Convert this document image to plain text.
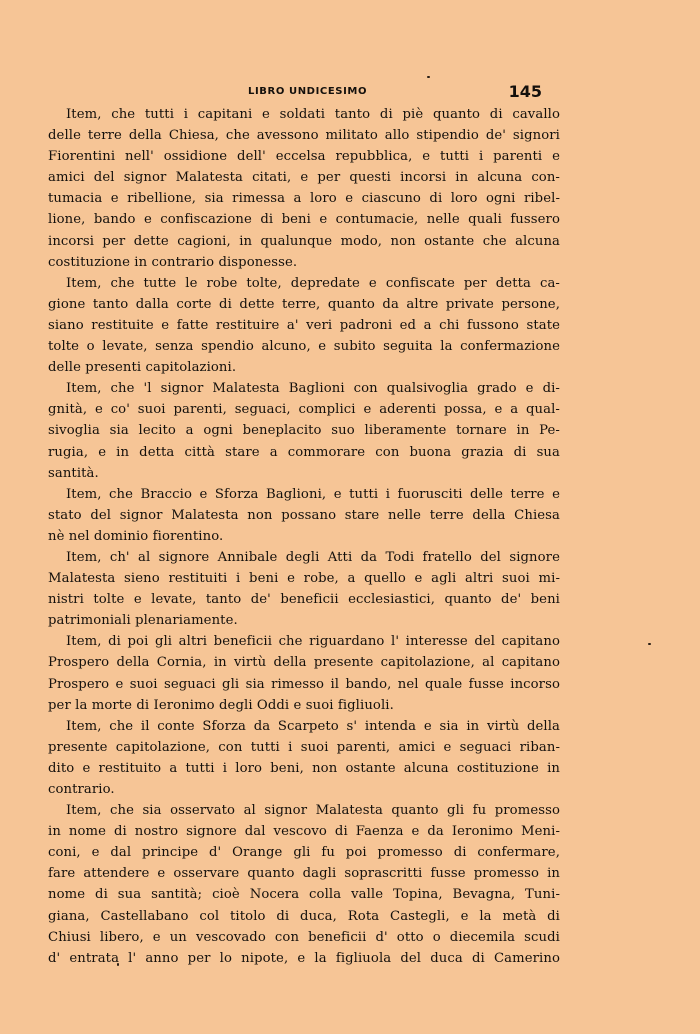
LIBRO UNDICESIMO	145

Item, che tutti i capitani e soldati tanto di piè quanto di cavallo
delle terre della Chiesa, che avessono militato allo stipendio de' signori
Fiorentini nell' ossidione dell' eccelsa repubblica, e tutti i parenti e
amici del signor Malatesta citati, e per questi incorsi in alcuna con-
tumacia e ribellione, sia rimessa a loro e ciascuno di loro ogni ribel-
lione, bando e confiscazione di beni e contumacie, nelle quali fussero
incorsi per dette cagioni, in qualunque modo, non ostante che alcuna
costituzione in contrario disponesse.

Item, che tutte le robe tolte, depredate e confiscate per detta ca-
gione tanto dalla corte di dette terre, quanto da altre private persone,
siano restituite e fatte restituire a' veri padroni ed a chi fussono state
tolte o levate, senza spendio alcuno, e subito seguita la confermazione
delle presenti capitolazioni.

Item, che 'l signor Malatesta Baglioni con qualsivoglia grado e di-
gnità, e co' suoi parenti, seguaci, complici e aderenti possa, e a qual-
sivoglia sia lecito a ogni beneplacito suo liberamente tornare in Pe-
rugia, e in detta città stare a commorare con buona grazia di sua
santità.

Item, che Braccio e Sforza Baglioni, e tutti i fuorusciti delle terre e
stato del signor Malatesta non possano stare nelle terre della Chiesa
nè nel dominio fiorentino.

Item, ch' al signore Annibale degli Atti da Todi fratello del signore
Malatesta sieno restituiti i beni e robe, a quello e agli altri suoi mi-
nistri tolte e levate, tanto de' beneficii ecclesiastici, quanto de' beni
patrimoniali plenariamente.

Item, di poi gli altri beneficii che riguardano l' interesse del capitano
Prospero della Cornia, in virtù della presente capitolazione, al capitano
Prospero e suoi seguaci gli sia rimesso il bando, nel quale fusse incorso
per la morte di Ieronimo degli Oddi e suoi figliuoli.

Item, che il conte Sforza da Scarpeto s' intenda e sia in virtù della
presente capitolazione, con tutti i suoi parenti, amici e seguaci riban-
dito e restituito a tutti i loro beni, non ostante alcuna costituzione in
contrario.

Item, che sia osservato al signor Malatesta quanto gli fu promesso
in nome di nostro signore dal vescovo di Faenza e da Ieronimo Meni-
coni, e dal principe d' Orange gli fu poi promesso di confermare,
fare attendere e osservare quanto dagli soprascritti fusse promesso in
nome di sua santità; cioè Nocera colla valle Topina, Bevagna, Tuni-
giana, Castellabano col titolo di duca, Rota Castegli, e la metà di
Chiusi libero, e un vescovado con beneficii d' otto o diecemila scudi
d' entrata l' anno per lo nipote, e la figliuola del duca di Camerino
